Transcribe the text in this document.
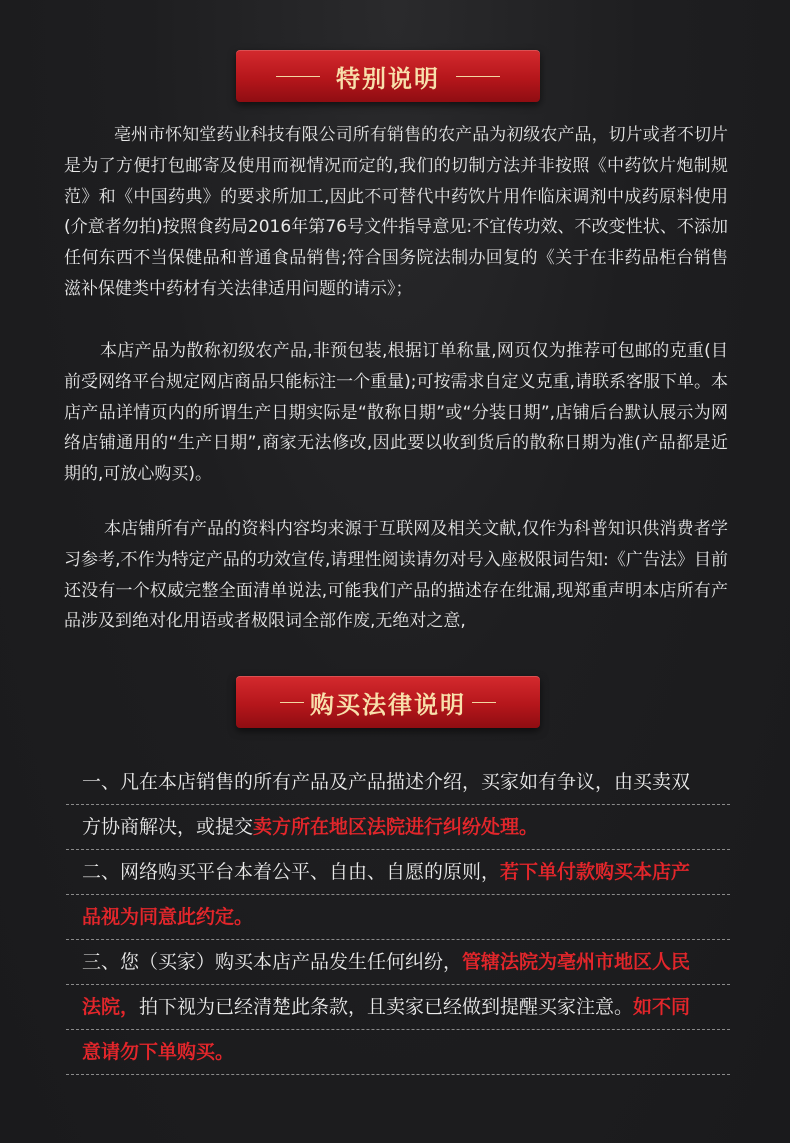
特别说明

亳州市怀知堂药业科技有限公司所有销售的农产品为初级农产品，切片或者不切片是为了方便打包邮寄及使用而视情况而定的,我们的切制方法并非按照《中药饮片炮制规范》和《中国药典》的要求所加工,因此不可替代中药饮片用作临床调剂中成药原料使用(介意者勿拍)按照食药局2016年第76号文件指导意见:不宜传功效、不改变性状、不添加任何东西不当保健品和普通食品销售;符合国务院法制办回复的《关于在非药品柜台销售滋补保健类中药材有关法律适用问题的请示》；

本店产品为散称初级农产品,非预包装,根据订单称量,网页仅为推荐可包邮的克重(目前受网络平台规定网店商品只能标注一个重量);可按需求自定义克重,请联系客服下单。本店产品详情页内的所谓生产日期实际是“散称日期”或“分装日期”,店铺后台默认展示为网络店铺通用的“生产日期”,商家无法修改,因此要以收到货后的散称日期为准(产品都是近期的,可放心购买)。

本店铺所有产品的资料内容均来源于互联网及相关文献,仅作为科普知识供消费者学习参考,不作为特定产品的功效宣传,请理性阅读请勿对号入座极限词告知:《广告法》目前还没有一个权威完整全面清单说法,可能我们产品的描述存在纰漏,现郑重声明本店所有产品涉及到绝对化用语或者极限词全部作废,无绝对之意,

购买法律说明
一、凡在本店销售的所有产品及产品描述介绍，买家如有争议，由买卖双
方协商解决，或提交卖方所在地区法院进行纠纷处理。
二、网络购买平台本着公平、自由、自愿的原则，若下单付款购买本店产
品视为同意此约定。
三、您（买家）购买本店产品发生任何纠纷，管辖法院为亳州市地区人民
法院，拍下视为已经清楚此条款，且卖家已经做到提醒买家注意。如不同
意请勿下单购买。
